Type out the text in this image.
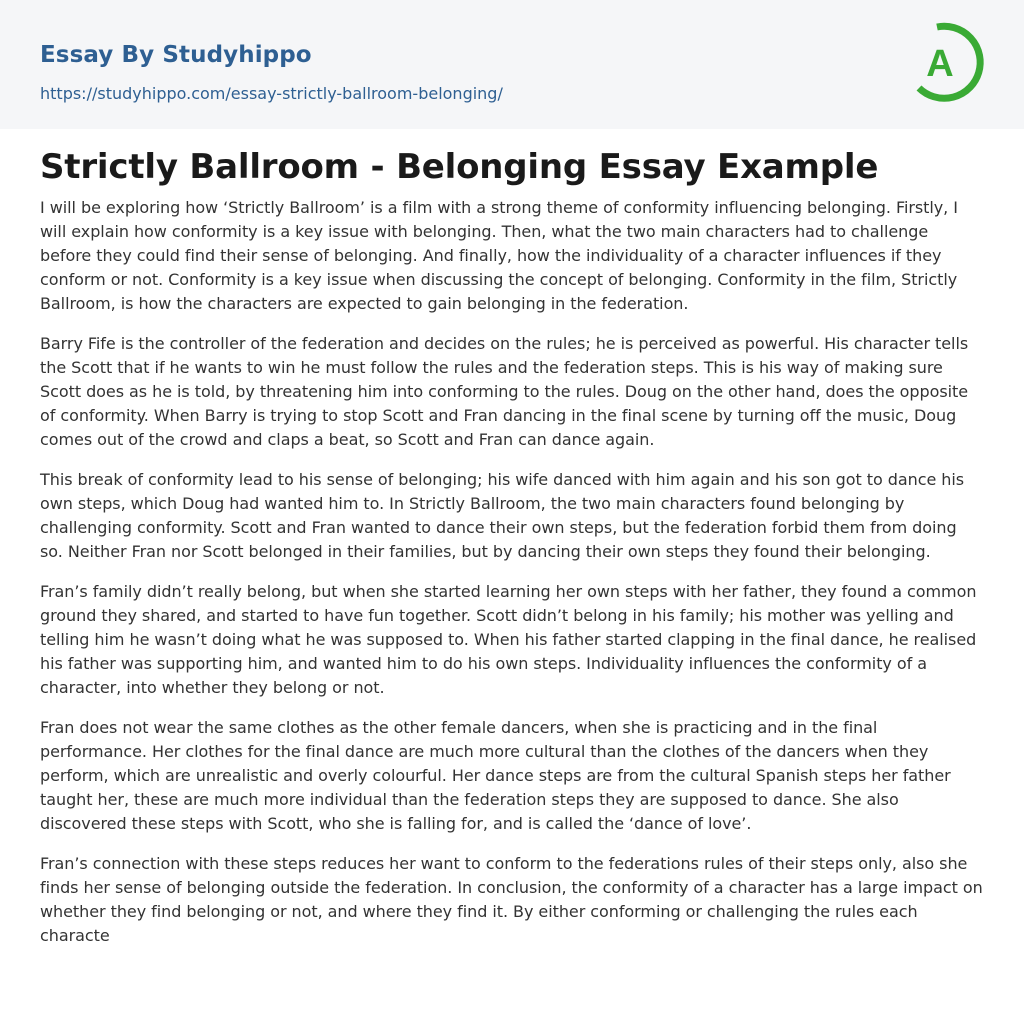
Essay By Studyhippo
https://studyhippo.com/essay-strictly-ballroom-belonging/
A
Strictly Ballroom - Belonging Essay Example

I will be exploring how ‘Strictly Ballroom’ is a film with a strong theme of conformity influencing belonging. Firstly, I will explain how conformity is a key issue with belonging. Then, what the two main characters had to challenge before they could find their sense of belonging. And finally, how the individuality of a character influences if they conform or not. Conformity is a key issue when discussing the concept of belonging. Conformity in the film, Strictly Ballroom, is how the characters are expected to gain belonging in the federation.

Barry Fife is the controller of the federation and decides on the rules; he is perceived as powerful. His character tells the Scott that if he wants to win he must follow the rules and the federation steps. This is his way of making sure Scott does as he is told, by threatening him into conforming to the rules. Doug on the other hand, does the opposite of conformity. When Barry is trying to stop Scott and Fran dancing in the final scene by turning off the music, Doug comes out of the crowd and claps a beat, so Scott and Fran can dance again.

This break of conformity lead to his sense of belonging; his wife danced with him again and his son got to dance his own steps, which Doug had wanted him to. In Strictly Ballroom, the two main characters found belonging by challenging conformity. Scott and Fran wanted to dance their own steps, but the federation forbid them from doing so. Neither Fran nor Scott belonged in their families, but by dancing their own steps they found their belonging.

Fran’s family didn’t really belong, but when she started learning her own steps with her father, they found a common ground they shared, and started to have fun together. Scott didn’t belong in his family; his mother was yelling and telling him he wasn’t doing what he was supposed to. When his father started clapping in the final dance, he realised his father was supporting him, and wanted him to do his own steps. Individuality influences the conformity of a character, into whether they belong or not.

Fran does not wear the same clothes as the other female dancers, when she is practicing and in the final performance. Her clothes for the final dance are much more cultural than the clothes of the dancers when they perform, which are unrealistic and overly colourful. Her dance steps are from the cultural Spanish steps her father taught her, these are much more individual than the federation steps they are supposed to dance. She also discovered these steps with Scott, who she is falling for, and is called the ‘dance of love’.

Fran’s connection with these steps reduces her want to conform to the federations rules of their steps only, also she finds her sense of belonging outside the federation. In conclusion, the conformity of a character has a large impact on whether they find belonging or not, and where they find it. By either conforming or challenging the rules each characte
